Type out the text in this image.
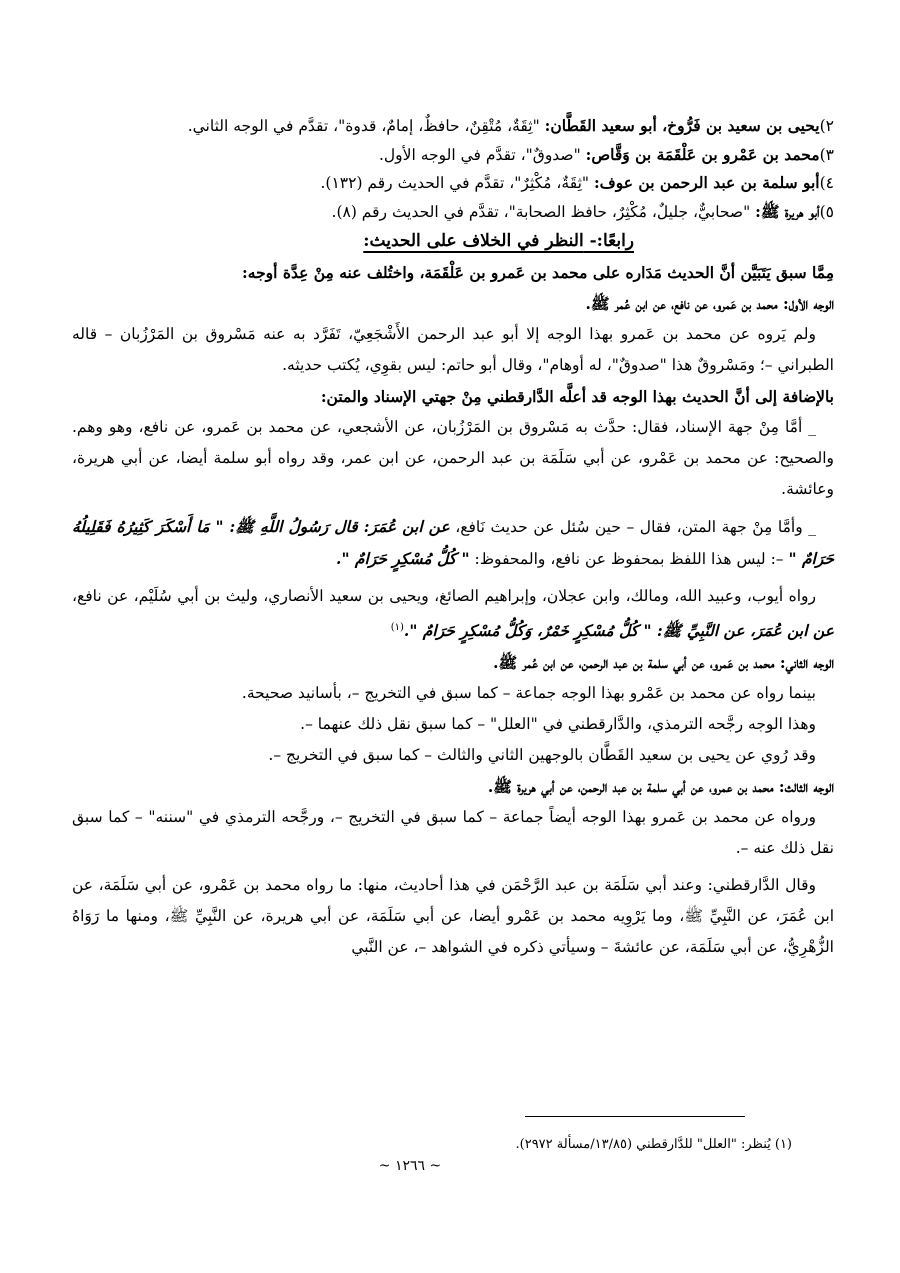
٢)يحيى بن سعيد بن فَرُّوخ، أبو سعيد القَطَّان: "ثِقَةٌ، مُتْقِنٌ، حافظٌ، إمامٌ، قدوة"، تقدَّم في الوجه الثاني.
٣)محمد بن عَمْرو بن عَلْقَمَة بن وَقَّاص: "صدوقٌ"، تقدَّم في الوجه الأول.
٤)أبو سلمة بن عبد الرحمن بن عوف: "ثِقَةٌ، مُكْثِرٌ"، تقدَّم في الحديث رقم (١٣٢).
٥)أبو هريرة ﷺ: "صحابيٌّ، جليلٌ، مُكْثِرٌ، حافظ الصحابة"، تقدَّم في الحديث رقم (٨).
رابعًا:- النظر في الخلاف على الحديث:
مِمَّا سبق يَتَبَيَّن أنَّ الحديث مَدَاره على محمد بن عَمرو بن عَلْقَمَة، واختُلف عنه مِنْ عِدَّة أوجه:
الوجه الأول: محمد بن عَمرو، عن نافع، عن ابن عُمر ﷺ.

ولم يَروه عن محمد بن عَمرو بهذا الوجه إلا أبو عبد الرحمن الأَشْجَعِيّ، تَفَرَّد به عنه مَسْروق بن المَرْزُبان – قاله الطبراني –؛ ومَسْروقٌ هذا "صدوقٌ"، له أوهام"، وقال أبو حاتم: ليس بقوِي، يُكتب حديثه.

بالإضافة إلى أنَّ الحديث بهذا الوجه قد أعلَّه الدَّارقطني مِنْ جهتي الإسناد والمتن:

_ أمَّا مِنْ جهة الإسناد، فقال: حدَّث به مَسْروق بن المَرْزُبان، عن الأشجعي، عن محمد بن عَمرو، عن نافع، وهو وهم. والصحيح: عن محمد بن عَمْرو، عن أبي سَلَمَة بن عبد الرحمن، عن ابن عمر، وقد رواه أبو سلمة أيضا، عن أبي هريرة، وعائشة.

_ وأمَّا مِنْ جهة المتن، فقال – حين سُئل عن حديث نَافع، عن ابن عُمَرَ: قال رَسُولُ اللَّهِ ﷺ: " مَا أَسْكَرَ كَثِيرُهُ فَقَلِيلُهُ حَرَامٌ " –: ليس هذا اللفظ بمحفوظ عن نافع، والمحفوظ: " كُلُّ مُسْكِرٍ حَرَامٌ ".

رواه أيوب، وعبيد الله، ومالك، وابن عجلان، وإبراهيم الصائغ، ويحيى بن سعيد الأنصاري، وليث بن أبي سُلَيْم، عن نافع، عن ابن عُمَرَ، عن النَّبِيِّ ﷺ: " كُلُّ مُسْكِرٍ خَمْرٌ، وَكُلُّ مُسْكِرٍ حَرَامٌ ".$^{(١)}$

الوجه الثاني: محمد بن عَمرو، عن أبي سلمة بن عبد الرحمن، عن ابن عُمر ﷺ.
بينما رواه عن محمد بن عَمْرو بهذا الوجه جماعة – كما سبق في التخريج –، بأسانيد صحيحة.
وهذا الوجه رجَّحه الترمذي، والدَّارقطني في "العلل" – كما سبق نقل ذلك عنهما –.
وقد رُوي عن يحيى بن سعيد القَطَّان بالوجهين الثاني والثالث – كما سبق في التخريج –.
الوجه الثالث: محمد بن عمرو، عن أبي سلمة بن عبد الرحمن، عن أبي هريرة ﷺ.

ورواه عن محمد بن عَمرو بهذا الوجه أيضاً جماعة – كما سبق في التخريج –، ورجَّحه الترمذي في "سننه" – كما سبق نقل ذلك عنه –.

وقال الدَّارقطني: وعند أبي سَلَمَة بن عبد الرَّحْمَن في هذا أحاديث، منها: ما رواه محمد بن عَمْرو، عن أبي سَلَمَة، عن ابن عُمَرَ، عن النَّبِيِّ ﷺ، وما يَرْوِيه محمد بن عَمْرو أيضا، عن أبي سَلَمَة، عن أبي هريرة، عن النَّبِيِّ ﷺ، ومنها ما رَوَاهُ الزُّهْرِيُّ، عن أبي سَلَمَة، عن عائشةَ – وسيأتي ذكره في الشواهد –، عن النَّبي

(١) يُنظر: "العلل" للدَّارقطني (١٣/٨٥/مسألة ٢٩٧٢).
~ ١٢٦٦ ~
